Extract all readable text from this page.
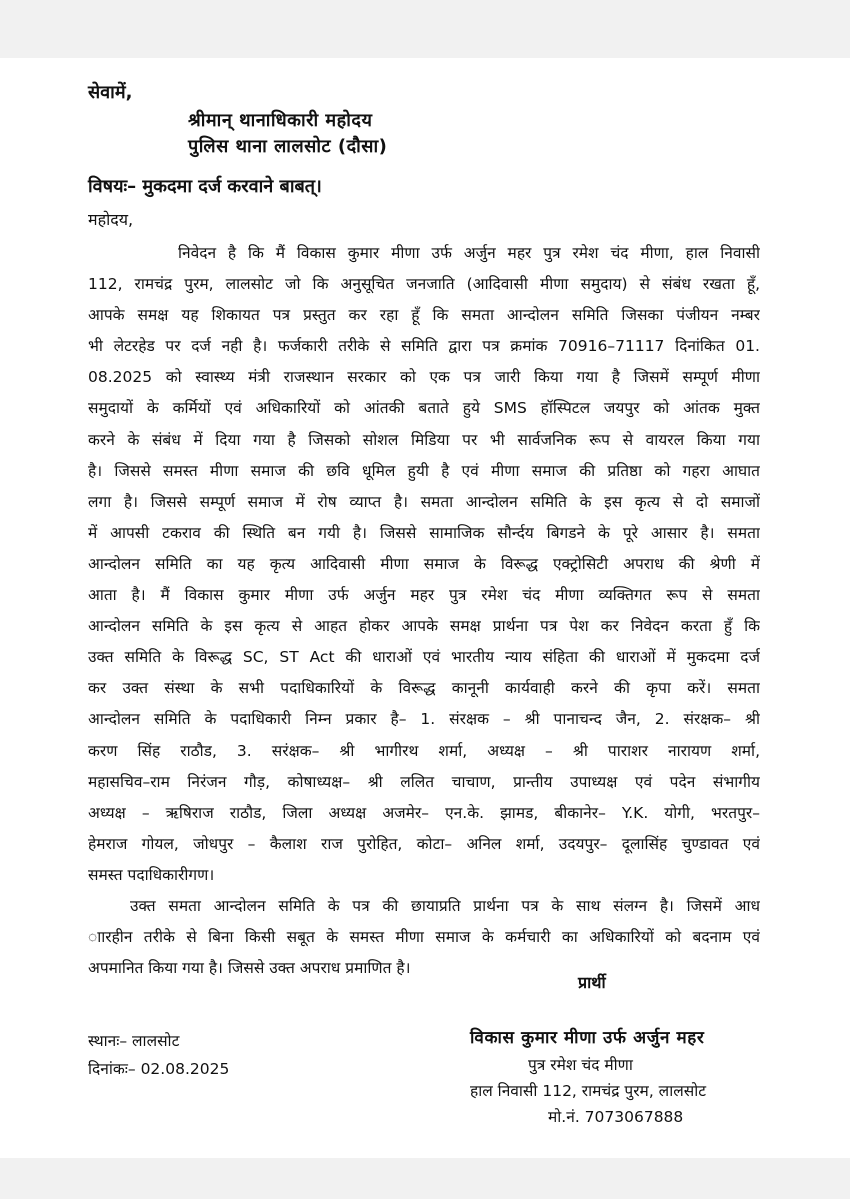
सेवामें,
श्रीमान् थानाधिकारी महोदय
पुलिस थाना लालसोट (दौसा)
विषयः– मुकदमा दर्ज करवाने बाबत्।
महोदय,
निवेदन है कि मैं विकास कुमार मीणा उर्फ अर्जुन महर पुत्र रमेश चंद मीणा, हाल निवासी
112, रामचंद्र पुरम, लालसोट जो कि अनुसूचित जनजाति (आदिवासी मीणा समुदाय) से संबंध रखता हूँ,
आपके समक्ष यह शिकायत पत्र प्रस्तुत कर रहा हूँ कि समता आन्दोलन समिति जिसका पंजीयन नम्बर
भी लेटरहेड पर दर्ज नही है। फर्जकारी तरीके से समिति द्वारा पत्र क्रमांक 70916–71117 दिनांकित 01.
08.2025 को स्वास्थ्य मंत्री राजस्थान सरकार को एक पत्र जारी किया गया है जिसमें सम्पूर्ण मीणा
समुदायों के कर्मियों एवं अधिकारियों को आंतकी बताते हुये SMS हॉस्पिटल जयपुर को आंतक मुक्त
करने के संबंध में दिया गया है जिसको सोशल मिडिया पर भी सार्वजनिक रूप से वायरल किया गया
है। जिससे समस्त मीणा समाज की छवि धूमिल हुयी है एवं मीणा समाज की प्रतिष्ठा को गहरा आघात
लगा है। जिससे सम्पूर्ण समाज में रोष व्याप्त है। समता आन्दोलन समिति के इस कृत्य से दो समाजों
में आपसी टकराव की स्थिति बन गयी है। जिससे सामाजिक सौर्न्दय बिगडने के पूरे आसार है। समता
आन्दोलन समिति का यह कृत्य आदिवासी मीणा समाज के विरूद्ध एक्ट्रोसिटी अपराध की श्रेणी में
आता है। मैं विकास कुमार मीणा उर्फ अर्जुन महर पुत्र रमेश चंद मीणा व्यक्तिगत रूप से समता
आन्दोलन समिति के इस कृत्य से आहत होकर आपके समक्ष प्रार्थना पत्र पेश कर निवेदन करता हुँ कि
उक्त समिति के विरूद्ध SC, ST Act की धाराओं एवं भारतीय न्याय संहिता की धाराओं में मुकदमा दर्ज
कर उक्त संस्था के सभी पदाधिकारियों के विरूद्ध कानूनी कार्यवाही करने की कृपा करें। समता
आन्दोलन समिति के पदाधिकारी निम्न प्रकार है– 1. संरक्षक – श्री पानाचन्द जैन, 2. संरक्षक– श्री
करण सिंह राठौड, 3. सरंक्षक– श्री भागीरथ शर्मा, अध्यक्ष – श्री पाराशर नारायण शर्मा,
महासचिव–राम निरंजन गौड़, कोषाध्यक्ष– श्री ललित चाचाण, प्रान्तीय उपाध्यक्ष एवं पदेन संभागीय
अध्यक्ष – ऋषिराज राठौड, जिला अध्यक्ष अजमेर– एन.के. झामड, बीकानेर– Y.K. योगी, भरतपुर–
हेमराज गोयल, जोधपुर – कैलाश राज पुरोहित, कोटा– अनिल शर्मा, उदयपुर– दूलासिंह चुण्डावत एवं
समस्त पदाधिकारीगण।
उक्त समता आन्दोलन समिति के पत्र की छायाप्रति प्रार्थना पत्र के साथ संलग्न है। जिसमें आध
ाारहीन तरीके से बिना किसी सबूत के समस्त मीणा समाज के कर्मचारी का अधिकारियों को बदनाम एवं
अपमानित किया गया है। जिससे उक्त अपराध प्रमाणित है।
प्रार्थी
स्थानः– लालसोट
दिनांकः– 02.08.2025
विकास कुमार मीणा उर्फ अर्जुन महर
पुत्र रमेश चंद मीणा
हाल निवासी 112, रामचंद्र पुरम, लालसोट
मो.नं. 7073067888
